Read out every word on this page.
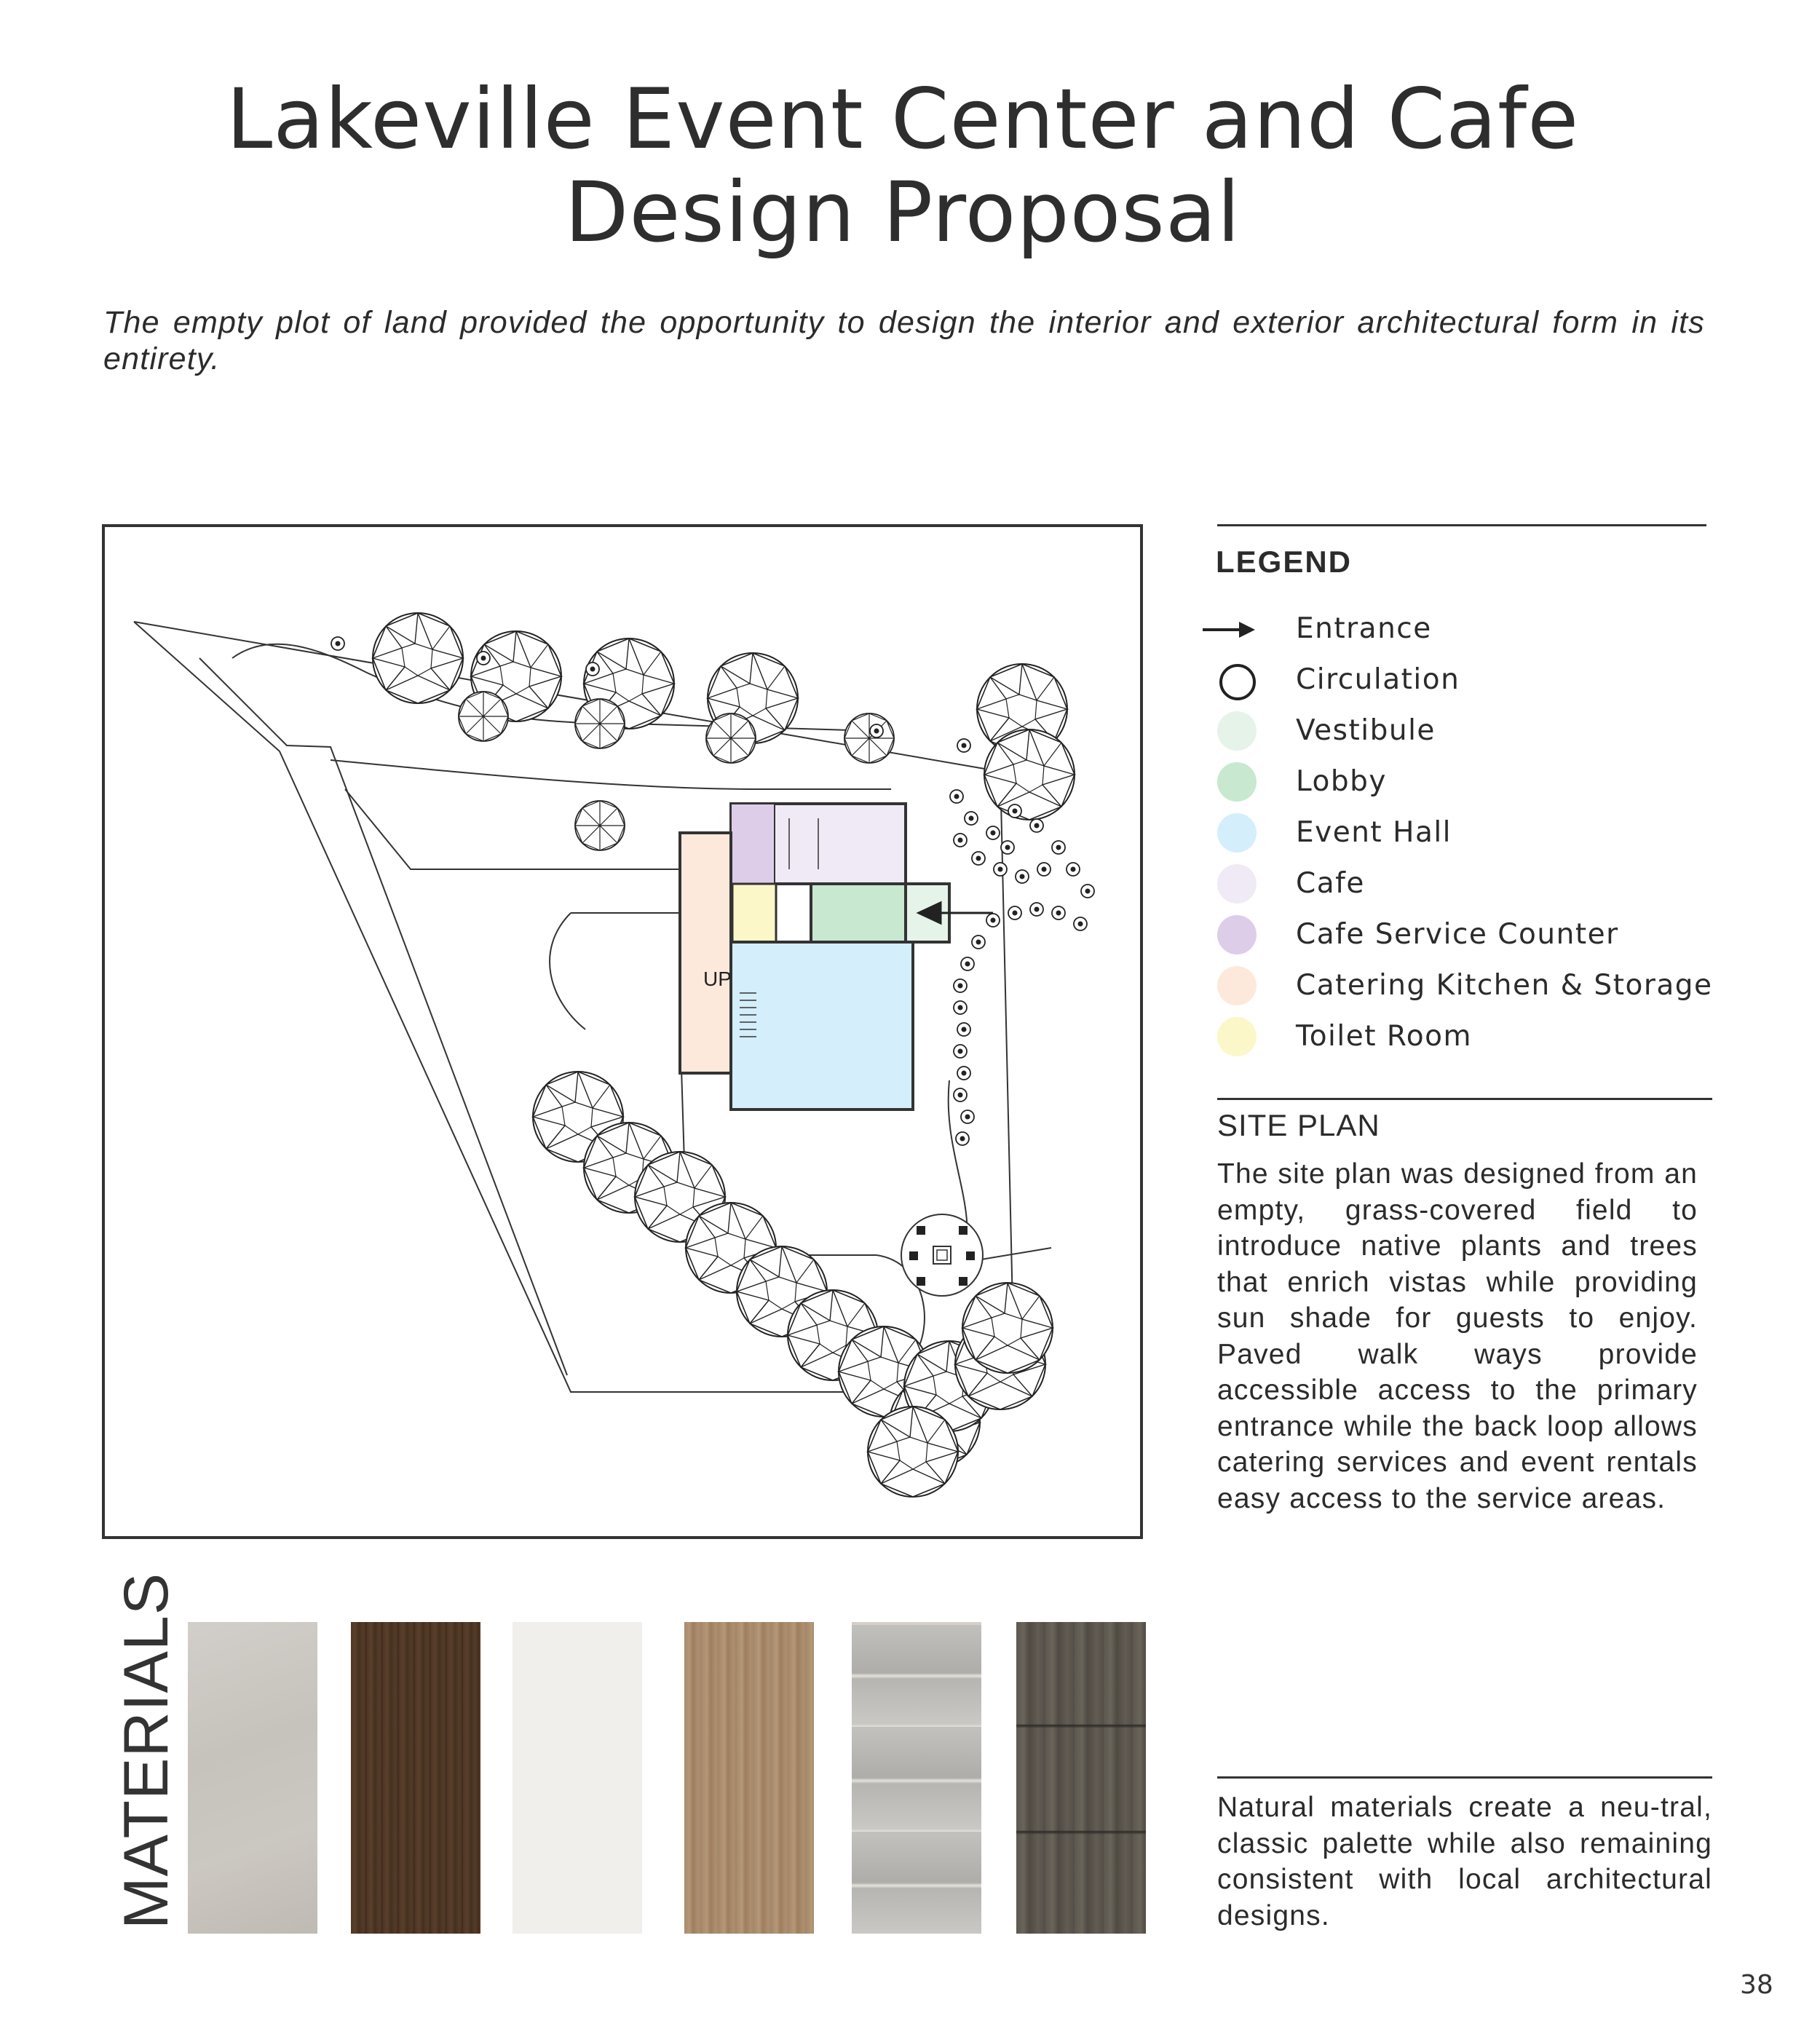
Lakeville Event Center and Cafe
Design Proposal
The empty plot of land provided the opportunity to design the interior and exterior architectural form in its entirety.
UP
LEGEND
Entrance
Circulation
Vestibule
Lobby
Event Hall
Cafe
Cafe Service Counter
Catering Kitchen & Storage
Toilet Room
SITE PLAN
The site plan was designed from an empty, grass-covered field to introduce native plants and trees that enrich vistas while providing sun shade for guests to enjoy. Paved walk ways provide accessible access to the primary entrance while the back loop allows catering services and event rentals easy access to the service areas.
MATERIALS	Natural materials create a neu-tral, classic palette while also remaining consistent with local architectural designs.
38
